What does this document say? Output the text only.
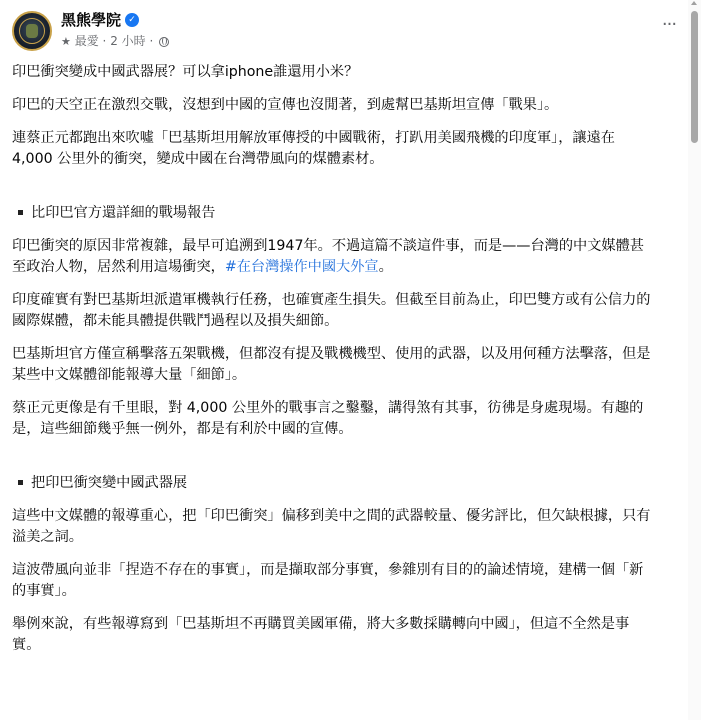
黑熊學院 ✓
★ 最愛 · 2 小時 ·
···

印巴衝突變成中國武器展？可以拿iphone誰還用小米？

印巴的天空正在激烈交戰，沒想到中國的宣傳也沒閒著，到處幫巴基斯坦宣傳「戰果」。

連蔡正元都跑出來吹噓「巴基斯坦用解放軍傳授的中國戰術，打趴用美國飛機的印度軍」，讓遠在
4,000 公里外的衝突，變成中國在台灣帶風向的煤體素材。

比印巴官方還詳細的戰場報告

印巴衝突的原因非常複雜，最早可追溯到1947年。不過這篇不談這件事，而是——台灣的中文媒體甚
至政治人物，居然利用這場衝突，#在台灣操作中國大外宣。

印度確實有對巴基斯坦派遣軍機執行任務，也確實產生損失。但截至目前為止，印巴雙方或有公信力的
國際媒體，都未能具體提供戰鬥過程以及損失細節。

巴基斯坦官方僅宣稱擊落五架戰機，但都沒有提及戰機機型、使用的武器，以及用何種方法擊落，但是
某些中文媒體卻能報導大量「細節」。

蔡正元更像是有千里眼，對 4,000 公里外的戰事言之鑿鑿，講得煞有其事，彷彿是身處現場。有趣的
是，這些細節幾乎無一例外，都是有利於中國的宣傳。

把印巴衝突變中國武器展

這些中文媒體的報導重心，把「印巴衝突」偏移到美中之間的武器較量、優劣評比，但欠缺根據，只有
溢美之詞。

這波帶風向並非「捏造不存在的事實」，而是擷取部分事實，參雜別有目的的論述情境，建構一個「新
的事實」。

舉例來說，有些報導寫到「巴基斯坦不再購買美國軍備，將大多數採購轉向中國」，但這不全然是事
實。
